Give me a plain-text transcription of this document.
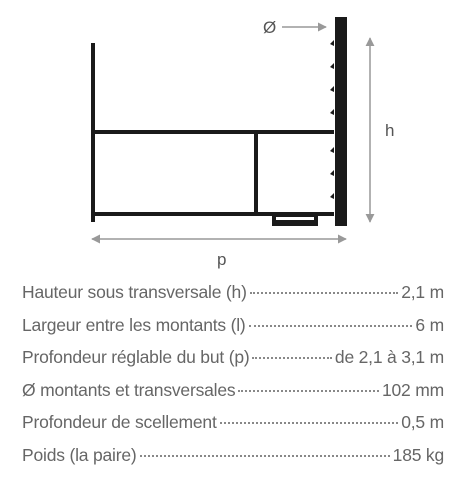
Ø
h
p
Hauteur sous transversale (h)	2,1 m
Largeur entre les montants (l)	6 m
Profondeur réglable du but (p)	de 2,1 à 3,1 m
Ø montants et transversales	102 mm
Profondeur de scellement	0,5 m
Poids (la paire)	185 kg
